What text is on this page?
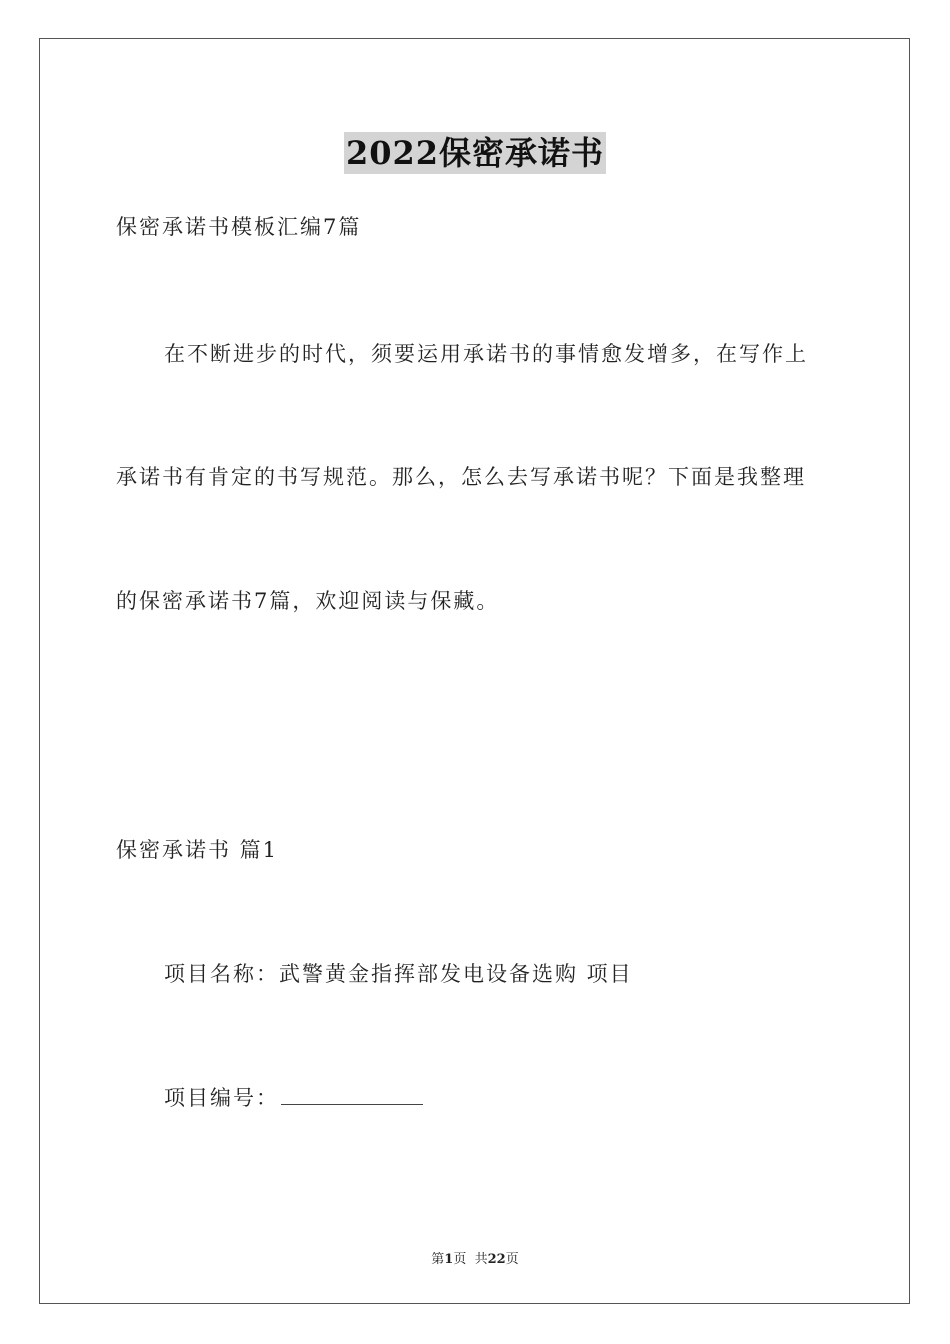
2022保密承诺书
保密承诺书模板汇编7篇
在不断进步的时代，须要运用承诺书的事情愈发增多，在写作上
承诺书有肯定的书写规范。那么，怎么去写承诺书呢？下面是我整理
的保密承诺书7篇，欢迎阅读与保藏。
保密承诺书 篇1
项目名称：武警黄金指挥部发电设备选购 项目
项目编号：
第1页  共22页
